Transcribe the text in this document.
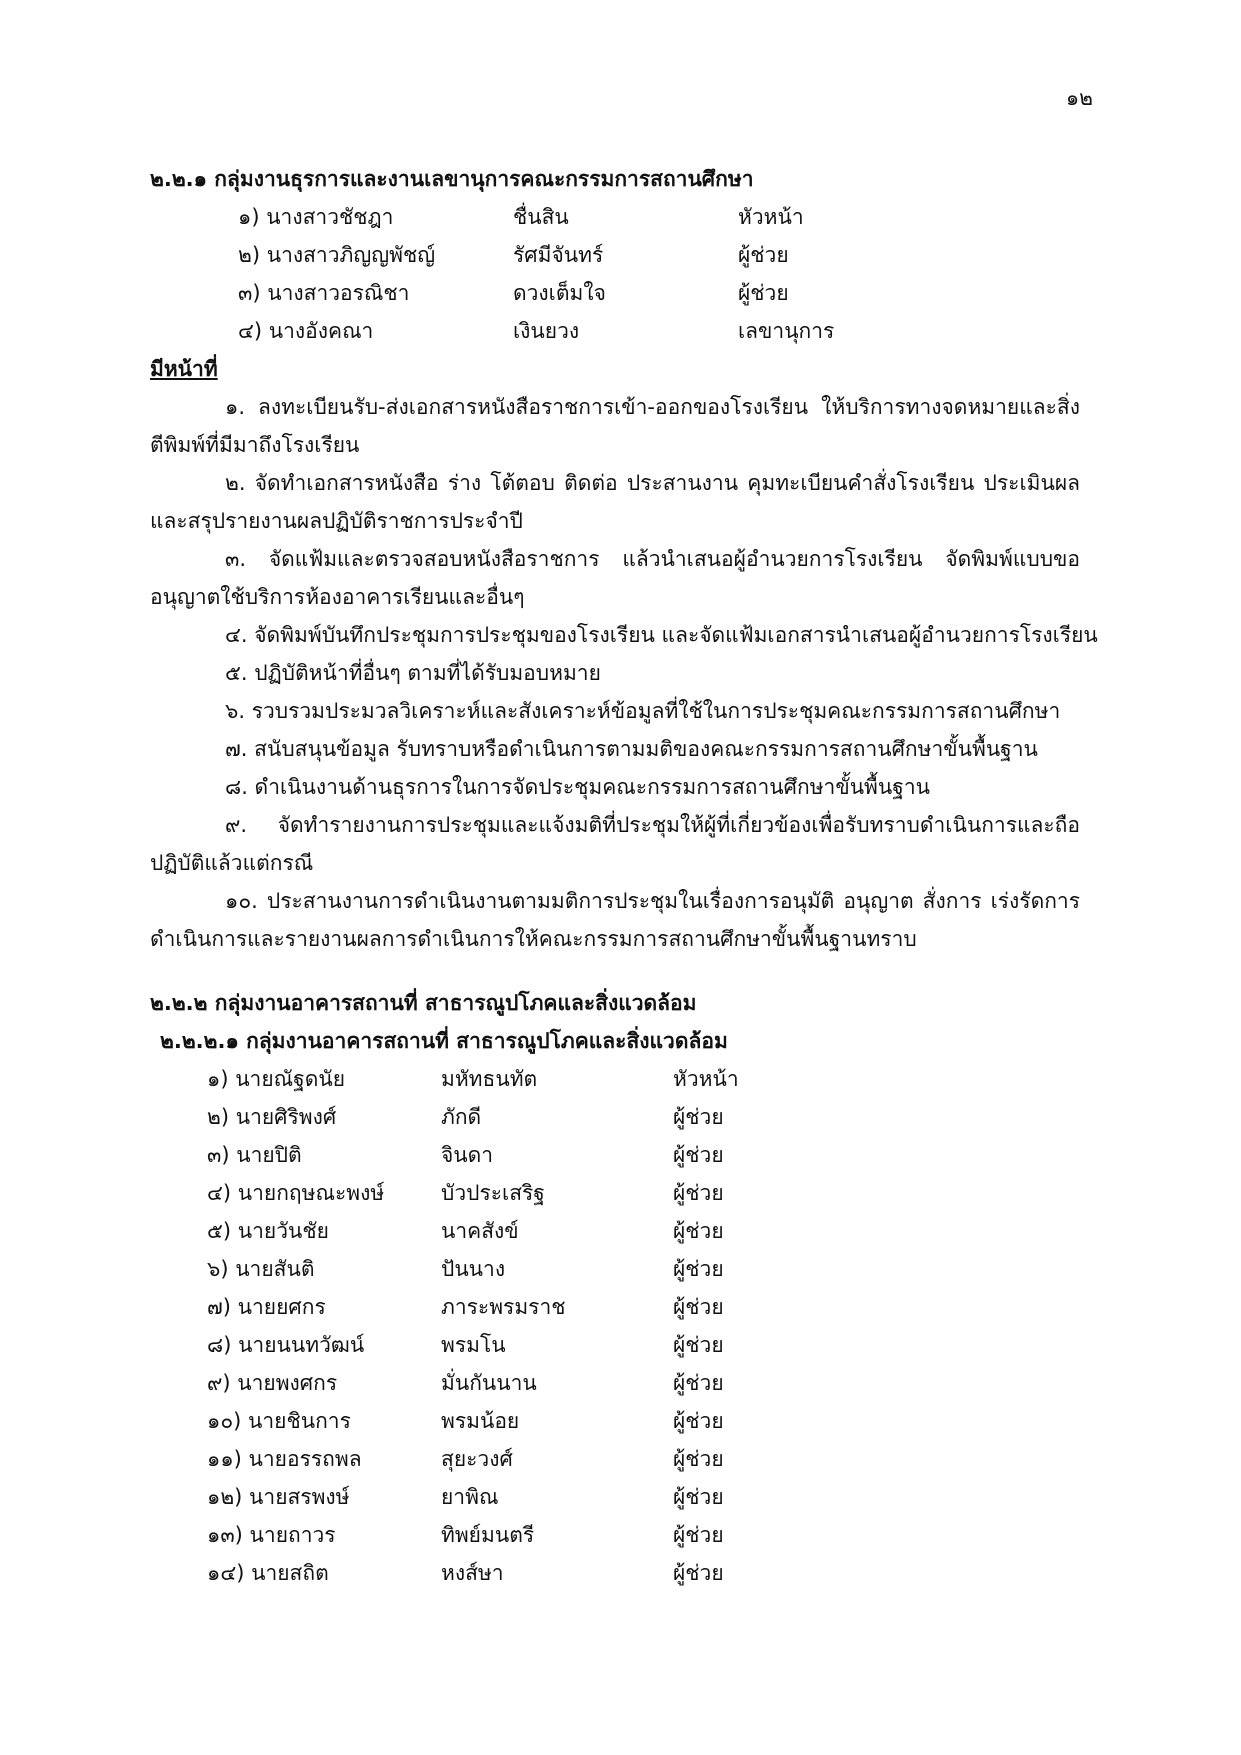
๑๒
๒.๒.๑ กลุ่มงานธุรการและงานเลขานุการคณะกรรมการสถานศึกษา
๑) นางสาวชัชฎา	ชื่นสิน	หัวหน้า
๒) นางสาวภิญญพัชญ์	รัศมีจันทร์	ผู้ช่วย
๓) นางสาวอรณิชา	ดวงเต็มใจ	ผู้ช่วย
๔) นางอังคณา	เงินยวง	เลขานุการ
มีหน้าที่

๑. ลงทะเบียนรับ-ส่งเอกสารหนังสือราชการเข้า-ออกของโรงเรียน ให้บริการทางจดหมายและสิ่งตีพิมพ์ที่มีมาถึงโรงเรียน

๒. จัดทำเอกสารหนังสือ ร่าง โต้ตอบ ติดต่อ ประสานงาน คุมทะเบียนคำสั่งโรงเรียน ประเมินผลและสรุปรายงานผลปฏิบัติราชการประจำปี

๓. จัดแฟ้มและตรวจสอบหนังสือราชการ แล้วนำเสนอผู้อำนวยการโรงเรียน จัดพิมพ์แบบขออนุญาตใช้บริการห้องอาคารเรียนและอื่นๆ

๔. จัดพิมพ์บันทึกประชุมการประชุมของโรงเรียน และจัดแฟ้มเอกสารนำเสนอผู้อำนวยการโรงเรียน

๕. ปฏิบัติหน้าที่อื่นๆ ตามที่ได้รับมอบหมาย

๖. รวบรวมประมวลวิเคราะห์และสังเคราะห์ข้อมูลที่ใช้ในการประชุมคณะกรรมการสถานศึกษา

๗. สนับสนุนข้อมูล รับทราบหรือดำเนินการตามมติของคณะกรรมการสถานศึกษาขั้นพื้นฐาน

๘. ดำเนินงานด้านธุรการในการจัดประชุมคณะกรรมการสถานศึกษาขั้นพื้นฐาน

๙. จัดทำรายงานการประชุมและแจ้งมติที่ประชุมให้ผู้ที่เกี่ยวข้องเพื่อรับทราบดำเนินการและถือปฏิบัติแล้วแต่กรณี

๑๐. ประสานงานการดำเนินงานตามมติการประชุมในเรื่องการอนุมัติ อนุญาต สั่งการ เร่งรัดการดำเนินการและรายงานผลการดำเนินการให้คณะกรรมการสถานศึกษาขั้นพื้นฐานทราบ

๒.๒.๒ กลุ่มงานอาคารสถานที่ สาธารณูปโภคและสิ่งแวดล้อม
๒.๒.๒.๑ กลุ่มงานอาคารสถานที่ สาธารณูปโภคและสิ่งแวดล้อม
๑) นายณัฐดนัย	มหัทธนทัต	หัวหน้า
๒) นายศิริพงศ์	ภักดี	ผู้ช่วย
๓) นายปิติ	จินดา	ผู้ช่วย
๔) นายกฤษณะพงษ์	บัวประเสริฐ	ผู้ช่วย
๕) นายวันชัย	นาคสังข์	ผู้ช่วย
๖) นายสันติ	ปันนาง	ผู้ช่วย
๗) นายยศกร	ภาระพรมราช	ผู้ช่วย
๘) นายนนทวัฒน์	พรมโน	ผู้ช่วย
๙) นายพงศกร	มั่นกันนาน	ผู้ช่วย
๑๐) นายชินการ	พรมน้อย	ผู้ช่วย
๑๑) นายอรรถพล	สุยะวงศ์	ผู้ช่วย
๑๒) นายสรพงษ์	ยาพิณ	ผู้ช่วย
๑๓) นายถาวร	ทิพย์มนตรี	ผู้ช่วย
๑๔) นายสถิต	หงส์ษา	ผู้ช่วย
